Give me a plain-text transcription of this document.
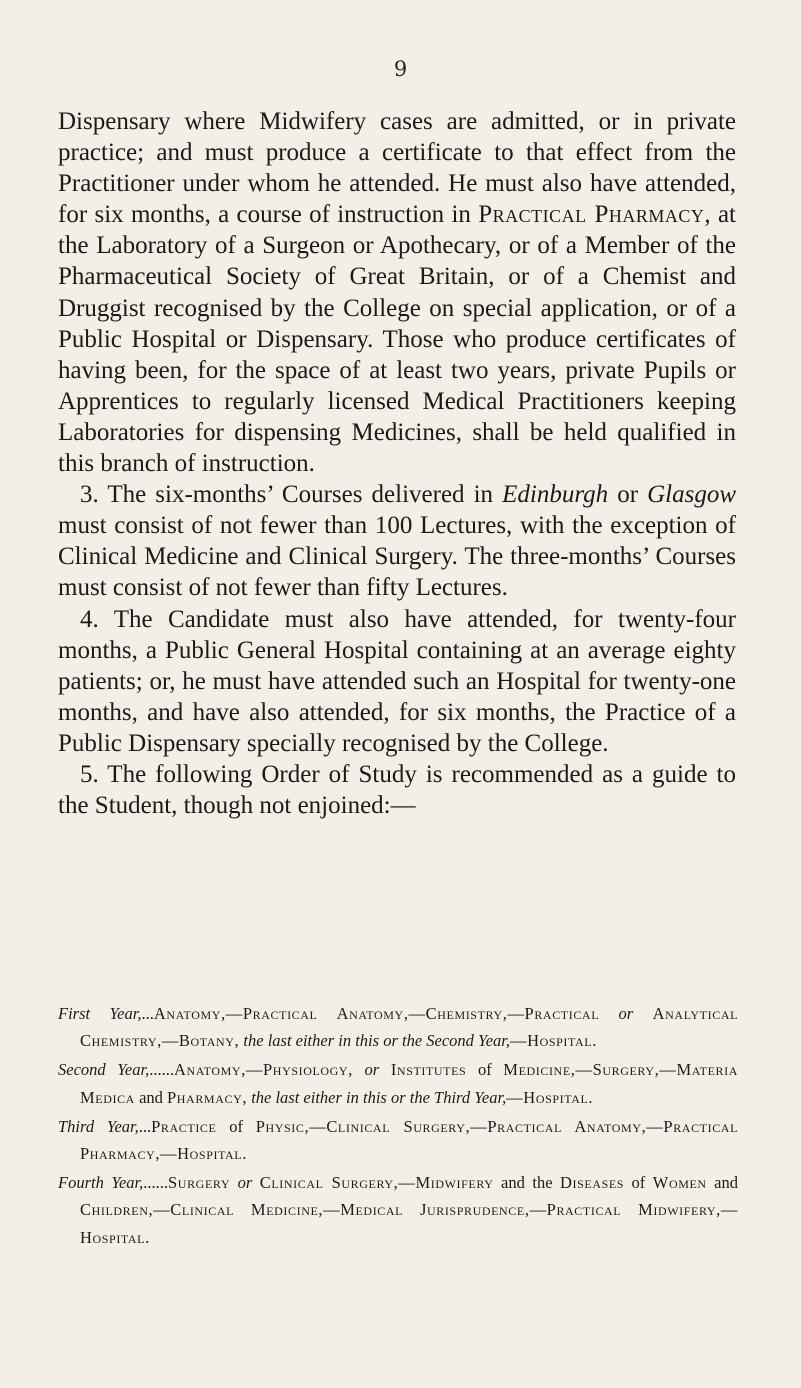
9

Dispensary where Midwifery cases are admitted, or in private practice; and must produce a certificate to that effect from the Practitioner under whom he attended. He must also have attended, for six months, a course of instruction in Practical Pharmacy, at the Laboratory of a Surgeon or Apothecary, or of a Member of the Pharmaceutical Society of Great Britain, or of a Chemist and Druggist recognised by the College on special application, or of a Public Hospital or Dispensary. Those who produce certificates of having been, for the space of at least two years, private Pupils or Apprentices to regularly licensed Medical Practitioners keeping Laboratories for dispensing Medicines, shall be held qualified in this branch of instruction.

3. The six-months’ Courses delivered in Edinburgh or Glasgow must consist of not fewer than 100 Lectures, with the exception of Clinical Medicine and Clinical Surgery. The three-months’ Courses must consist of not fewer than fifty Lectures.

4. The Candidate must also have attended, for twenty-four months, a Public General Hospital containing at an average eighty patients; or, he must have attended such an Hospital for twenty-one months, and have also attended, for six months, the Practice of a Public Dispensary specially recognised by the College.

5. The following Order of Study is recommended as a guide to the Student, though not enjoined:—

First Year,...Anatomy,—Practical Anatomy,—Chemistry,—Practical or Analytical Chemistry,—Botany, the last either in this or the Second Year,—Hospital.

Second Year,......Anatomy,—Physiology, or Institutes of Medicine,—Surgery,—Materia Medica and Pharmacy, the last either in this or the Third Year,—Hospital.

Third Year,...Practice of Physic,—Clinical Surgery,—Practical Anatomy,—Practical Pharmacy,—Hospital.

Fourth Year,......Surgery or Clinical Surgery,—Midwifery and the Diseases of Women and Children,—Clinical Medicine,—Medical Jurisprudence,—Practical Midwifery,—Hospital.
